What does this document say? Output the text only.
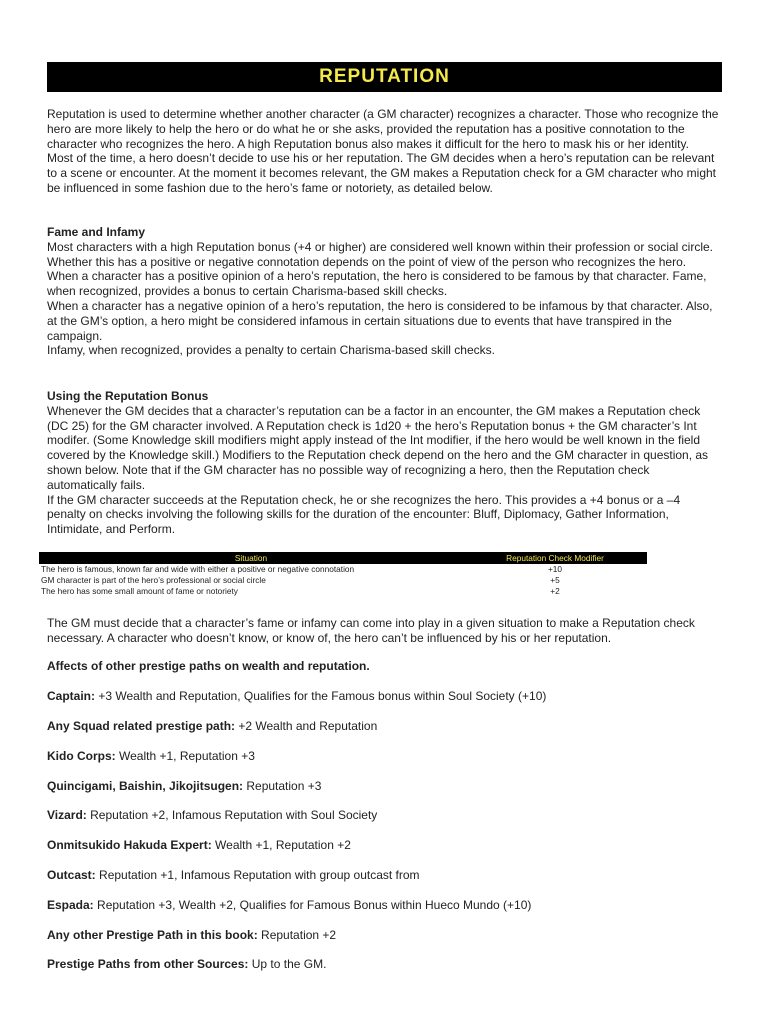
REPUTATION

Reputation is used to determine whether another character (a GM character) recognizes a character. Those who recognize the hero are more likely to help the hero or do what he or she asks, provided the reputation has a positive connotation to the character who recognizes the hero. A high Reputation bonus also makes it difficult for the hero to mask his or her identity.

Most of the time, a hero doesn’t decide to use his or her reputation. The GM decides when a hero’s reputation can be relevant to a scene or encounter. At the moment it becomes relevant, the GM makes a Reputation check for a GM character who might be influenced in some fashion due to the hero’s fame or notoriety, as detailed below.

Fame and Infamy

Most characters with a high Reputation bonus (+4 or higher) are considered well known within their profession or social circle. Whether this has a positive or negative connotation depends on the point of view of the person who recognizes the hero.

When a character has a positive opinion of a hero’s reputation, the hero is considered to be famous by that character. Fame, when recognized, provides a bonus to certain Charisma-based skill checks.

When a character has a negative opinion of a hero’s reputation, the hero is considered to be infamous by that character. Also, at the GM’s option, a hero might be considered infamous in certain situations due to events that have transpired in the campaign.

Infamy, when recognized, provides a penalty to certain Charisma-based skill checks.

Using the Reputation Bonus

Whenever the GM decides that a character’s reputation can be a factor in an encounter, the GM makes a Reputation check (DC 25) for the GM character involved. A Reputation check is 1d20 + the hero’s Reputation bonus + the GM character’s Int modifer. (Some Knowledge skill modifiers might apply instead of the Int modifier, if the hero would be well known in the field covered by the Knowledge skill.) Modifiers to the Reputation check depend on the hero and the GM character in question, as shown below. Note that if the GM character has no possible way of recognizing a hero, then the Reputation check automatically fails.

If the GM character succeeds at the Reputation check, he or she recognizes the hero. This provides a +4 bonus or a –4 penalty on checks involving the following skills for the duration of the encounter: Bluff, Diplomacy, Gather Information, Intimidate, and Perform.

Situation	Reputation Check Modifier
The hero is famous, known far and wide with either a positive or negative connotation	+10
GM character is part of the hero’s professional or social circle	+5
The hero has some small amount of fame or notoriety	+2

The GM must decide that a character’s fame or infamy can come into play in a given situation to make a Reputation check necessary. A character who doesn’t know, or know of, the hero can’t be influenced by his or her reputation.

Affects of other prestige paths on wealth and reputation.
Captain: +3 Wealth and Reputation, Qualifies for the Famous bonus within Soul Society (+10)
Any Squad related prestige path: +2 Wealth and Reputation
Kido Corps: Wealth +1, Reputation +3
Quincigami, Baishin, Jikojitsugen: Reputation +3
Vizard: Reputation +2, Infamous Reputation with Soul Society
Onmitsukido Hakuda Expert: Wealth +1, Reputation +2
Outcast: Reputation +1, Infamous Reputation with group outcast from
Espada: Reputation +3, Wealth +2, Qualifies for Famous Bonus within Hueco Mundo (+10)
Any other Prestige Path in this book: Reputation +2
Prestige Paths from other Sources: Up to the GM.
